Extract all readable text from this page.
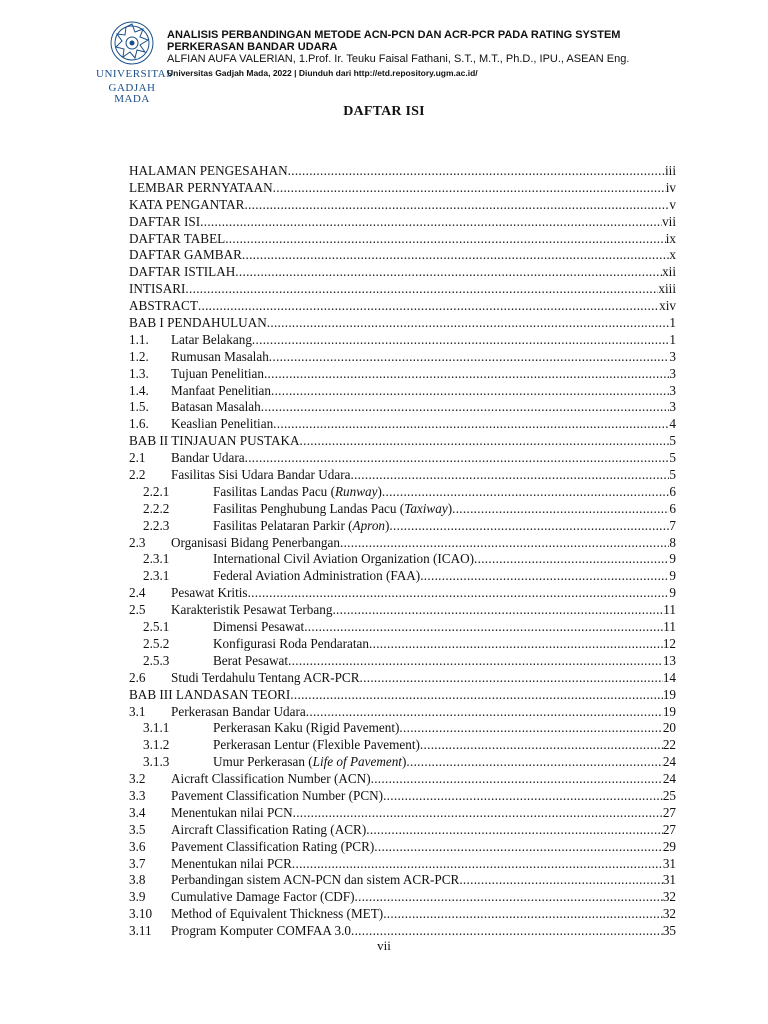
UNIVERSITAS
GADJAH MADA
ANALISIS PERBANDINGAN METODE ACN-PCN DAN ACR-PCR PADA RATING SYSTEM
PERKERASAN BANDAR UDARA
ALFIAN AUFA VALERIAN, 1.Prof. Ir. Teuku Faisal Fathani, S.T., M.T., Ph.D., IPU., ASEAN Eng.
Universitas Gadjah Mada, 2022 | Diunduh dari http://etd.repository.ugm.ac.id/
DAFTAR ISI
HALAMAN PENGESAHAN .....	iii
LEMBAR PERNYATAAN .....	iv
KATA PENGANTAR .....	v
DAFTAR ISI .....	vii
DAFTAR TABEL .....	ix
DAFTAR GAMBAR .....	x
DAFTAR ISTILAH .....	xii
INTISARI .....	xiii
ABSTRACT .....	xiv
BAB I PENDAHULUAN .....	1
1.1.	Latar Belakang .....	1
1.2.	Rumusan Masalah .....	3
1.3.	Tujuan Penelitian .....	3
1.4.	Manfaat Penelitian .....	3
1.5.	Batasan Masalah .....	3
1.6.	Keaslian Penelitian .....	4
BAB II TINJAUAN PUSTAKA .....	5
2.1	Bandar Udara .....	5
2.2	Fasilitas Sisi Udara Bandar Udara .....	5
2.2.1	Fasilitas Landas Pacu (Runway) .....	6
2.2.2	Fasilitas Penghubung Landas Pacu (Taxiway) .....	6
2.2.3	Fasilitas Pelataran Parkir (Apron) .....	7
2.3	Organisasi Bidang Penerbangan .....	8
2.3.1	International Civil Aviation Organization (ICAO) .....	9
2.3.1	Federal Aviation Administration (FAA) .....	9
2.4	Pesawat Kritis .....	9
2.5	Karakteristik Pesawat Terbang .....	11
2.5.1	Dimensi Pesawat .....	11
2.5.2	Konfigurasi Roda Pendaratan .....	12
2.5.3	Berat Pesawat .....	13
2.6	Studi Terdahulu Tentang ACR-PCR .....	14
BAB III LANDASAN TEORI .....	19
3.1	Perkerasan Bandar Udara .....	19
3.1.1	Perkerasan Kaku (Rigid Pavement) .....	20
3.1.2	Perkerasan Lentur (Flexible Pavement) .....	22
3.1.3	Umur Perkerasan (Life of Pavement) .....	24
3.2	Aicraft Classification Number (ACN) .....	24
3.3	Pavement Classification Number (PCN) .....	25
3.4	Menentukan nilai PCN .....	27
3.5	Aircraft Classification Rating (ACR) .....	27
3.6	Pavement Classification Rating (PCR) .....	29
3.7	Menentukan nilai PCR .....	31
3.8	Perbandingan sistem ACN-PCN dan sistem ACR-PCR .....	31
3.9	Cumulative Damage Factor (CDF) .....	32
3.10	Method of Equivalent Thickness (MET) .....	32
3.11	Program Komputer COMFAA 3.0 .....	35
vii
